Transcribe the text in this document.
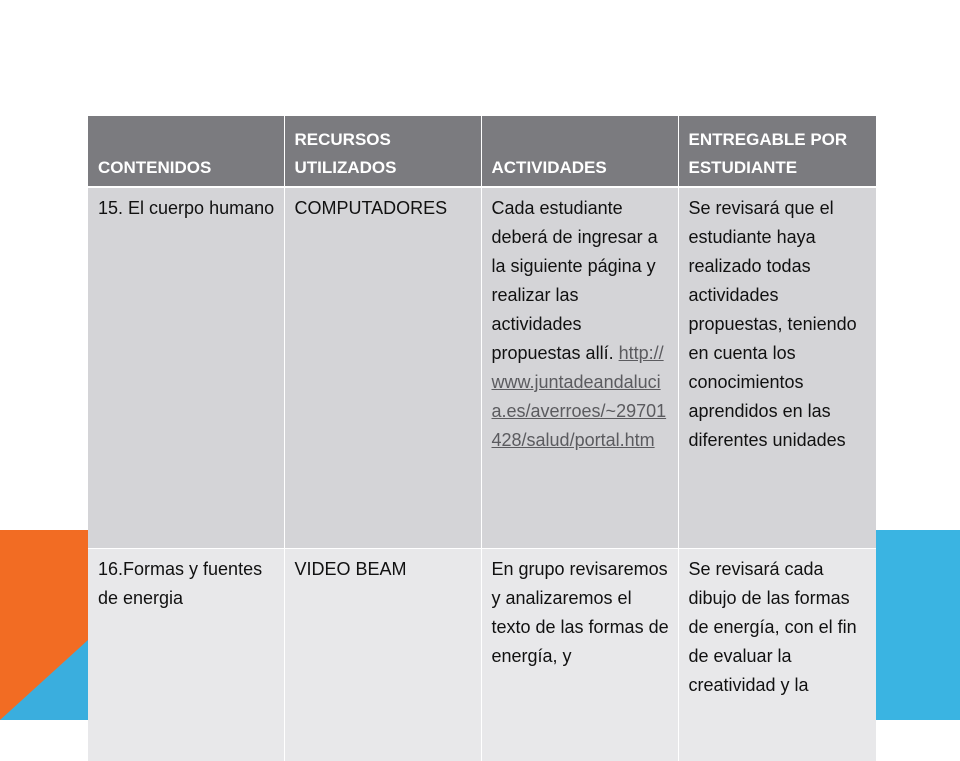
CONTENIDOS	RECURSOS UTILIZADOS	ACTIVIDADES	ENTREGABLE POR ESTUDIANTE
15. El cuerpo humano	COMPUTADORES	Cada estudiante deberá de ingresar a la siguiente página y realizar las actividades propuestas allí. http://www.juntadeandalucia.es/averroes/~29701428/salud/portal.htm	Se revisará que el estudiante haya realizado todas actividades propuestas, teniendo en cuenta los conocimientos aprendidos en las diferentes unidades
16.Formas y fuentes de energia	VIDEO BEAM	En grupo revisaremos y analizaremos el texto de las formas de energía, y	Se revisará cada dibujo de las formas de energía, con el fin de evaluar la creatividad y la
